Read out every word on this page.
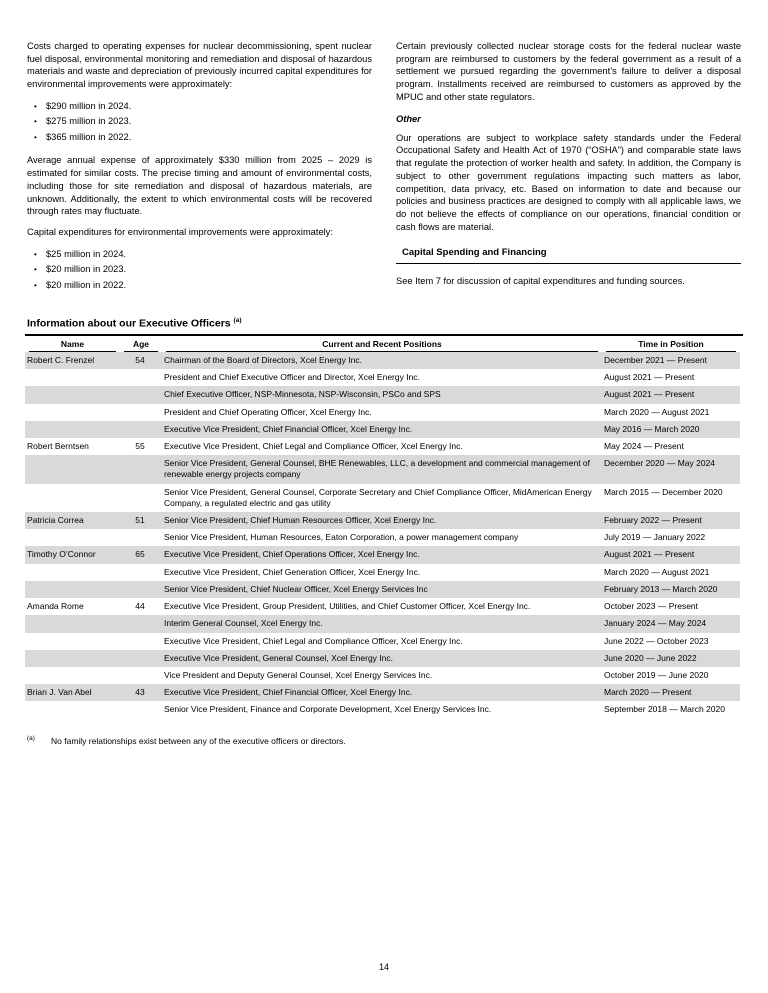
Costs charged to operating expenses for nuclear decommissioning, spent nuclear fuel disposal, environmental monitoring and remediation and disposal of hazardous materials and waste and depreciation of previously incurred capital expenditures for environmental improvements were approximately:

• $290 million in 2024.
• $275 million in 2023.
• $365 million in 2022.

Average annual expense of approximately $330 million from 2025 – 2029 is estimated for similar costs. The precise timing and amount of environmental costs, including those for site remediation and disposal of hazardous materials, are unknown. Additionally, the extent to which environmental costs will be recovered through rates may fluctuate.

Capital expenditures for environmental improvements were approximately:

• $25 million in 2024.
• $20 million in 2023.
• $20 million in 2022.

Certain previously collected nuclear storage costs for the federal nuclear waste program are reimbursed to customers by the federal government as a result of a settlement we pursued regarding the government’s failure to deliver a disposal program. Installments received are reimbursed to customers as approved by the MPUC and other state regulators.

Other

Our operations are subject to workplace safety standards under the Federal Occupational Safety and Health Act of 1970 (“OSHA”) and comparable state laws that regulate the protection of worker health and safety. In addition, the Company is subject to other government regulations impacting such matters as labor, competition, data privacy, etc. Based on information to date and because our policies and business practices are designed to comply with all applicable laws, we do not believe the effects of compliance on our operations, financial condition or cash flows are material.

Capital Spending and Financing

See Item 7 for discussion of capital expenditures and funding sources.

Information about our Executive Officers $^{(a)}$
Name	Age	Current and Recent Positions	Time in Position
Robert C. Frenzel	54	Chairman of the Board of Directors, Xcel Energy Inc.	December 2021 — Present
		President and Chief Executive Officer and Director, Xcel Energy Inc.	August 2021 — Present
		Chief Executive Officer, NSP-Minnesota, NSP-Wisconsin, PSCo and SPS	August 2021 — Present
		President and Chief Operating Officer, Xcel Energy Inc.	March 2020 — August 2021
		Executive Vice President, Chief Financial Officer, Xcel Energy Inc.	May 2016 — March 2020
Robert Berntsen	55	Executive Vice President, Chief Legal and Compliance Officer, Xcel Energy Inc.	May 2024 — Present
		Senior Vice President, General Counsel, BHE Renewables, LLC, a development and commercial management of renewable energy projects company	December 2020 — May 2024
		Senior Vice President, General Counsel, Corporate Secretary and Chief Compliance Officer, MidAmerican Energy Company, a regulated electric and gas utility	March 2015 — December 2020
Patricia Correa	51	Senior Vice President, Chief Human Resources Officer, Xcel Energy Inc.	February 2022 — Present
		Senior Vice President, Human Resources, Eaton Corporation, a power management company	July 2019 — January 2022
Timothy O’Connor	65	Executive Vice President, Chief Operations Officer, Xcel Energy Inc.	August 2021 — Present
		Executive Vice President, Chief Generation Officer, Xcel Energy Inc.	March 2020 — August 2021
		Senior Vice President, Chief Nuclear Officer, Xcel Energy Services Inc	February 2013 — March 2020
Amanda Rome	44	Executive Vice President, Group President, Utilities, and Chief Customer Officer, Xcel Energy Inc.	October 2023 — Present
		Interim General Counsel, Xcel Energy Inc.	January 2024 — May 2024
		Executive Vice President, Chief Legal and Compliance Officer, Xcel Energy Inc.	June 2022 — October 2023
		Executive Vice President, General Counsel, Xcel Energy Inc.	June 2020 — June 2022
		Vice President and Deputy General Counsel, Xcel Energy Services Inc.	October 2019 — June 2020
Brian J. Van Abel	43	Executive Vice President, Chief Financial Officer, Xcel Energy Inc.	March 2020 — Present
		Senior Vice President, Finance and Corporate Development, Xcel Energy Services Inc.	September 2018 — March 2020
(a)	No family relationships exist between any of the executive officers or directors.
14
